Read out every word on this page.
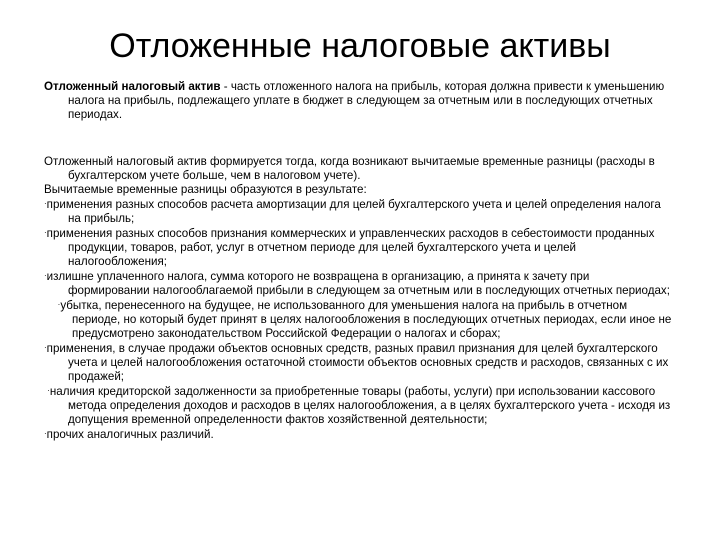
Отложенные налоговые активы

Отложенный налоговый актив - часть отложенного налога на прибыль, которая должна привести к уменьшению налога на прибыль, подлежащего уплате в бюджет в следующем за отчетным или в последующих отчетных периодах.

Отложенный налоговый актив формируется тогда, когда возникают вычитаемые временные разницы (расходы в бухгалтерском учете больше, чем в налоговом учете).

Вычитаемые временные разницы образуются в результате:

·применения разных способов расчета амортизации для целей бухгалтерского учета и целей определения налога на прибыль;

·применения разных способов признания коммерческих и управленческих расходов в себестоимости проданных продукции, товаров, работ, услуг в отчетном периоде для целей бухгалтерского учета и целей налогообложения;

·излишне уплаченного налога, сумма которого не возвращена в организацию, а принята к зачету при формировании налогооблагаемой прибыли в следующем за отчетным или в последующих отчетных периодах;

·убытка, перенесенного на будущее, не использованного для уменьшения налога на прибыль в отчетном периоде, но который будет принят в целях налогообложения в последующих отчетных периодах, если иное не предусмотрено законодательством Российской Федерации о налогах и сборах;

·применения, в случае продажи объектов основных средств, разных правил признания для целей бухгалтерского учета и целей налогообложения остаточной стоимости объектов основных средств и расходов, связанных с их продажей;

·наличия кредиторской задолженности за приобретенные товары (работы, услуги) при использовании кассового метода определения доходов и расходов в целях налогообложения, а в целях бухгалтерского учета - исходя из допущения временной определенности фактов хозяйственной деятельности;

·прочих аналогичных различий.
